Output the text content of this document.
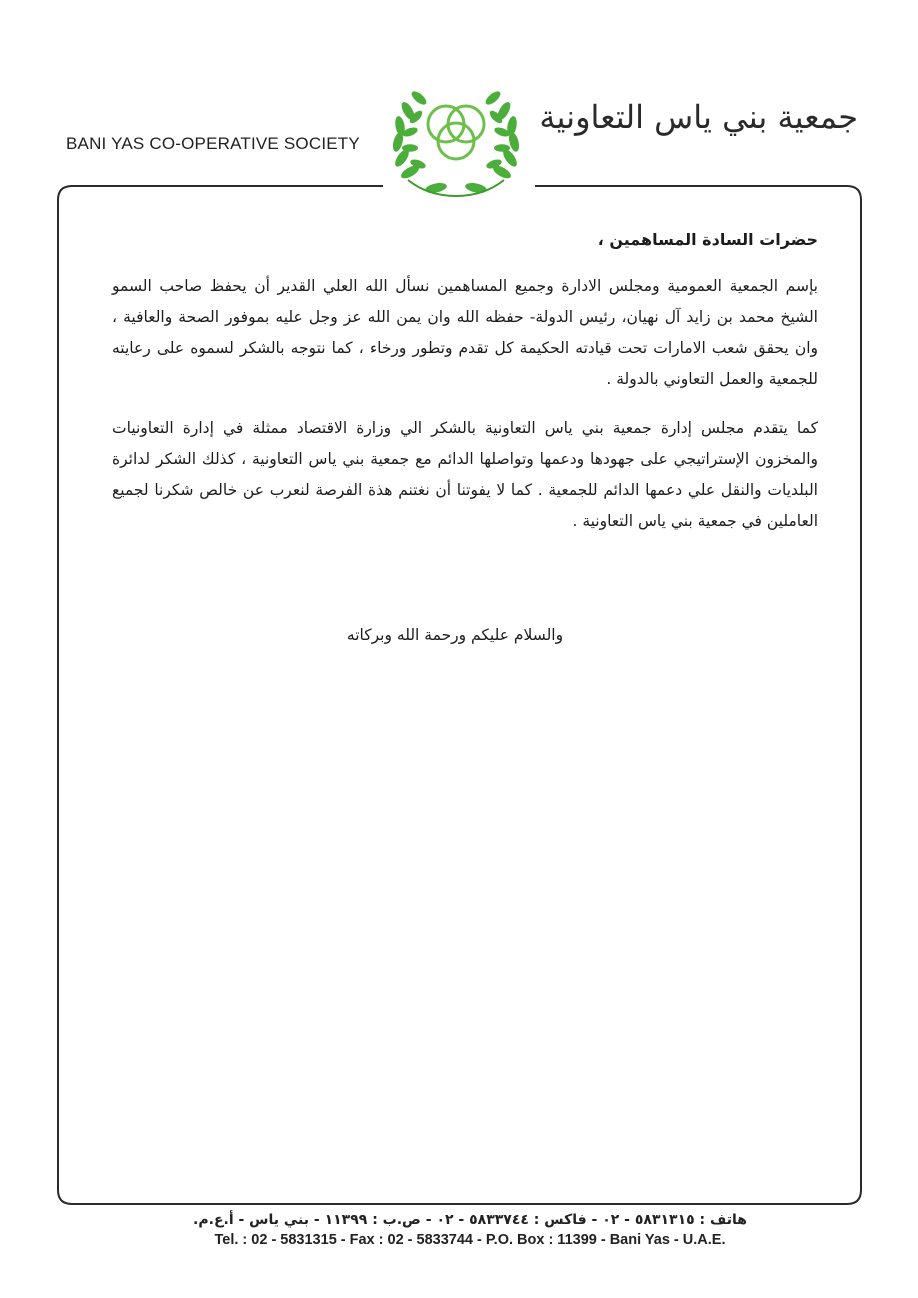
BANI YAS CO-OPERATIVE SOCIETY
جمعية بني ياس التعاونية

حضرات السادة المساهمين ،

بإسم الجمعية العمومية ومجلس الادارة وجميع المساهمين نسأل الله العلي القدير أن يحفظ صاحب السمو الشيخ محمد بن زايد آل نهيان، رئيس الدولة- حفظه الله وان يمن الله عز وجل عليه بموفور الصحة والعافية ، وان يحقق شعب الامارات تحت قيادته الحكيمة كل تقدم وتطور ورخاء ، كما نتوجه بالشكر لسموه على رعايته للجمعية والعمل التعاوني بالدولة .

كما يتقدم مجلس إدارة جمعية بني ياس التعاونية بالشكر الي وزارة الاقتصاد ممثلة في إدارة التعاونيات والمخزون الإستراتيجي على جهودها ودعمها وتواصلها الدائم مع جمعية بني ياس التعاونية ، كذلك الشكر لدائرة البلديات والنقل علي دعمها الدائم للجمعية . كما لا يفوتنا أن نغتنم هذة الفرصة لنعرب عن خالص شكرنا لجميع العاملين في جمعية بني ياس التعاونية .

والسلام عليكم ورحمة الله وبركاته
هاتف : ٥٨٣١٣١٥ - ٠٢ - فاكس : ٥٨٣٣٧٤٤ - ٠٢ - ص.ب : ١١٣٩٩ - بني ياس - أ.ع.م.
Tel. : 02 - 5831315 - Fax : 02 - 5833744 - P.O. Box : 11399 - Bani Yas - U.A.E.
